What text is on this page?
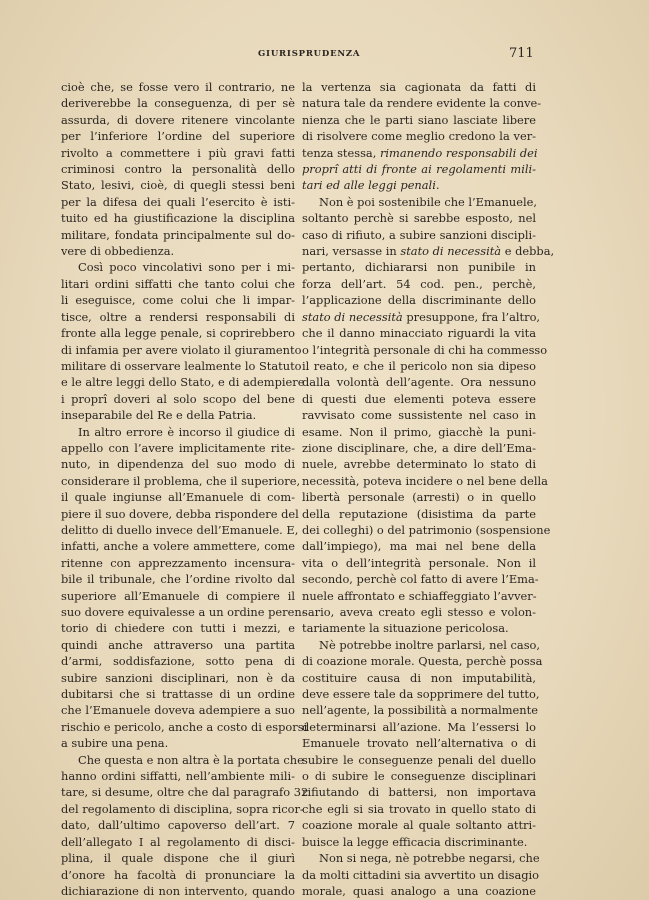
GIURISPRUDENZA	711
cioè che, se fosse vero il contrario, ne
deriverebbe la conseguenza, di per sè
assurda, di dovere ritenere vincolante
per l’inferiore l’ordine del superiore
rivolto a commettere i più gravi fatti
criminosi contro la personalità dello
Stato, lesivi, cioè, di quegli stessi beni
per la difesa dei quali l’esercito è isti-
tuito ed ha giustificazione la disciplina
militare, fondata principalmente sul do-
vere di obbedienza.
Così poco vincolativi sono per i mi-
litari ordini siffatti che tanto colui che
li eseguisce, come colui che li impar-
tisce, oltre a rendersi responsabili di
fronte alla legge penale, si coprirebbero
di infamia per avere violato il giuramento
militare di osservare lealmente lo Statuto
e le altre leggi dello Stato, e di adempiere
i proprî doveri al solo scopo del bene
inseparabile del Re e della Patria.
In altro errore è incorso il giudice di
appello con l’avere implicitamente rite-
nuto, in dipendenza del suo modo di
considerare il problema, che il superiore,
il quale ingiunse all’Emanuele di com-
piere il suo dovere, debba rispondere del
delitto di duello invece dell’Emanuele. E,
infatti, anche a volere ammettere, come
ritenne con apprezzamento incensura-
bile il tribunale, che l’ordine rivolto dal
superiore all’Emanuele di compiere il
suo dovere equivalesse a un ordine peren-
torio di chiedere con tutti i mezzi, e
quindi anche attraverso una partita
d’armi, soddisfazione, sotto pena di
subire sanzioni disciplinari, non è da
dubitarsi che si trattasse di un ordine
che l’Emanuele doveva adempiere a suo
rischio e pericolo, anche a costo di esporsi
a subire una pena.
Che questa e non altra è la portata che
hanno ordini siffatti, nell’ambiente mili-
tare, si desume, oltre che dal paragrafo 32
del regolamento di disciplina, sopra ricor-
dato, dall’ultimo capoverso dell’art. 7
dell’allegato I al regolamento di disci-
plina, il quale dispone che il giurì
d’onore ha facoltà di pronunciare la
dichiarazione di non intervento, quando
la vertenza sia cagionata da fatti di
natura tale da rendere evidente la conve-
nienza che le parti siano lasciate libere
di risolvere come meglio credono la ver-
tenza stessa, rimanendo responsabili dei
proprî atti di fronte ai regolamenti mili-
tari ed alle leggi penali.
Non è poi sostenibile che l’Emanuele,
soltanto perchè si sarebbe esposto, nel
caso di rifiuto, a subire sanzioni discipli-
nari, versasse in stato di necessità e debba,
pertanto, dichiararsi non punibile in
forza dell’art. 54 cod. pen., perchè,
l’applicazione della discriminante dello
stato di necessità presuppone, fra l’altro,
che il danno minacciato riguardi la vita
o l’integrità personale di chi ha commesso
il reato, e che il pericolo non sia dipeso
dalla volontà dell’agente. Ora nessuno
di questi due elementi poteva essere
ravvisato come sussistente nel caso in
esame. Non il primo, giacchè la puni-
zione disciplinare, che, a dire dell’Ema-
nuele, avrebbe determinato lo stato di
necessità, poteva incidere o nel bene della
libertà personale (arresti) o in quello
della reputazione (disistima da parte
dei colleghi) o del patrimonio (sospensione
dall’impiego), ma mai nel bene della
vita o dell’integrità personale. Non il
secondo, perchè col fatto di avere l’Ema-
nuele affrontato e schiaffeggiato l’avver-
sario, aveva creato egli stesso e volon-
tariamente la situazione pericolosa.
Nè potrebbe inoltre parlarsi, nel caso,
di coazione morale. Questa, perchè possa
costituire causa di non imputabilità,
deve essere tale da sopprimere del tutto,
nell’agente, la possibilità a normalmente
determinarsi all’azione. Ma l’essersi lo
Emanuele trovato nell’alternativa o di
subire le conseguenze penali del duello
o di subire le conseguenze disciplinari
rifiutando di battersi, non importava
che egli si sia trovato in quello stato di
coazione morale al quale soltanto attri-
buisce la legge efficacia discriminante.
Non si nega, nè potrebbe negarsi, che
da molti cittadini sia avvertito un disagio
morale, quasi analogo a una coazione
